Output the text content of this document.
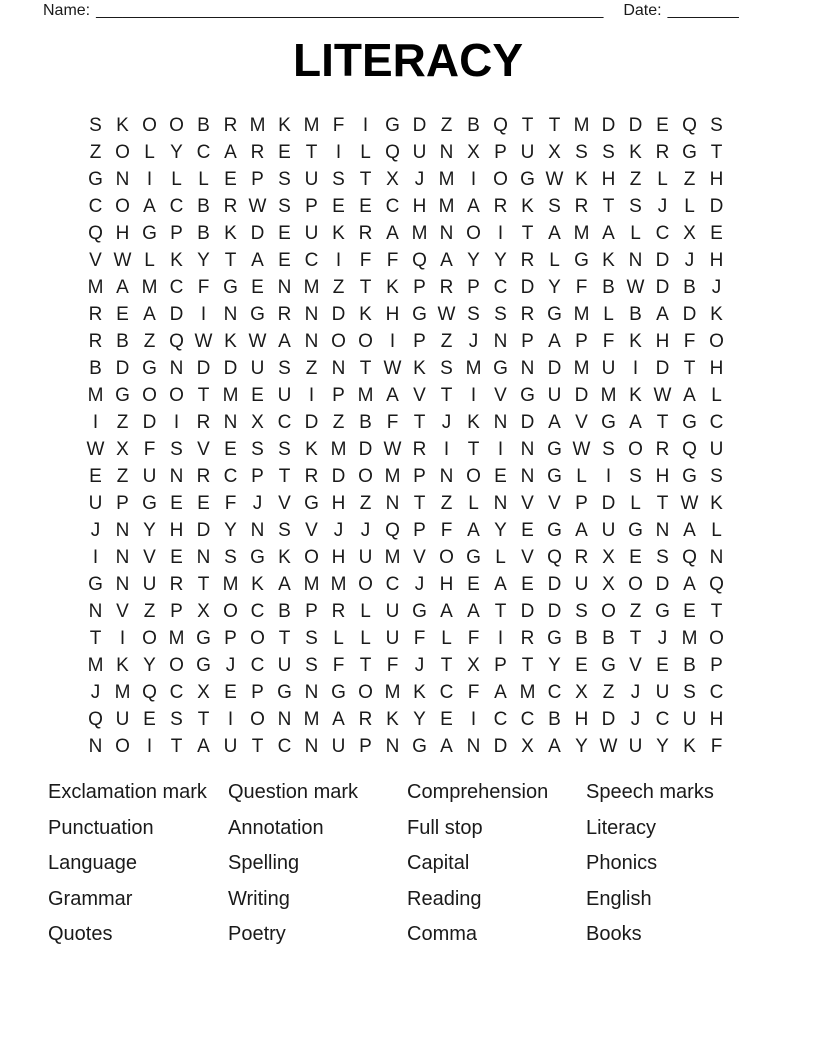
Name: _________________________________________________________ Date: ________
LITERACY
S K O O B R M K M F I G D Z B Q T T M D D E Q S
Z O L Y C A R E T I	L Q U N X P U X S S K R G T
G N I	L L E P S U S T X J M I O G W K H Z L Z H
C O A C B R W S P E E C H M A R K S R T S J L D
Q H G P B K D E U K R A M N O I T A M A L C X E
V W L K Y T A E C I F F Q A Y Y R L G K N D J H
M A M C F G E N M Z T K P R P C D Y F B W D B J
R E A D I N G R N D K H G W S S R G M L B A D K
R B Z Q W K W A N O O I P Z J N P A P F K H F O
B D G N D D U S Z N T W K S M G N D M U I D T H
M G O O T M E U I P M A V T I V G U D M K W A L
I Z D I R N X C D Z B F T J K N D A V G A T G C
W X F S V E S S K M D W R I T I N G W S O R Q U
E Z U N R C P T R D O M P N O E N G L	I S H G S
U P G E E F J V G H Z N T Z L N V V P D L T W K
J N Y H D Y N S V J J Q P F A Y E G A U G N A L
I N V E N S G K O H U M V O G L V Q R X E S Q N
G N U R T M K A M M O C J H E A E D U X O D A Q
N V Z P X O C B P R L U G A A T D D S O Z G E T
T I O M G P O T S L L U F L F I R G B B T J M O
M K Y O G J C U S F T F J T X P T Y E G V E B P
J M Q C X E P G N G O M K C F A M C X Z J U S C
Q U E S T I O N M A R K Y E I C C B H D J C U H
N O I T A U T C N U P N G A N D X A Y W U Y K F
Exclamation mark
Punctuation
Language
Grammar
Quotes
Question mark
Annotation
Spelling
Writing
Poetry
Comprehension
Full stop
Capital
Reading
Comma
Speech marks
Literacy
Phonics
English
Books
